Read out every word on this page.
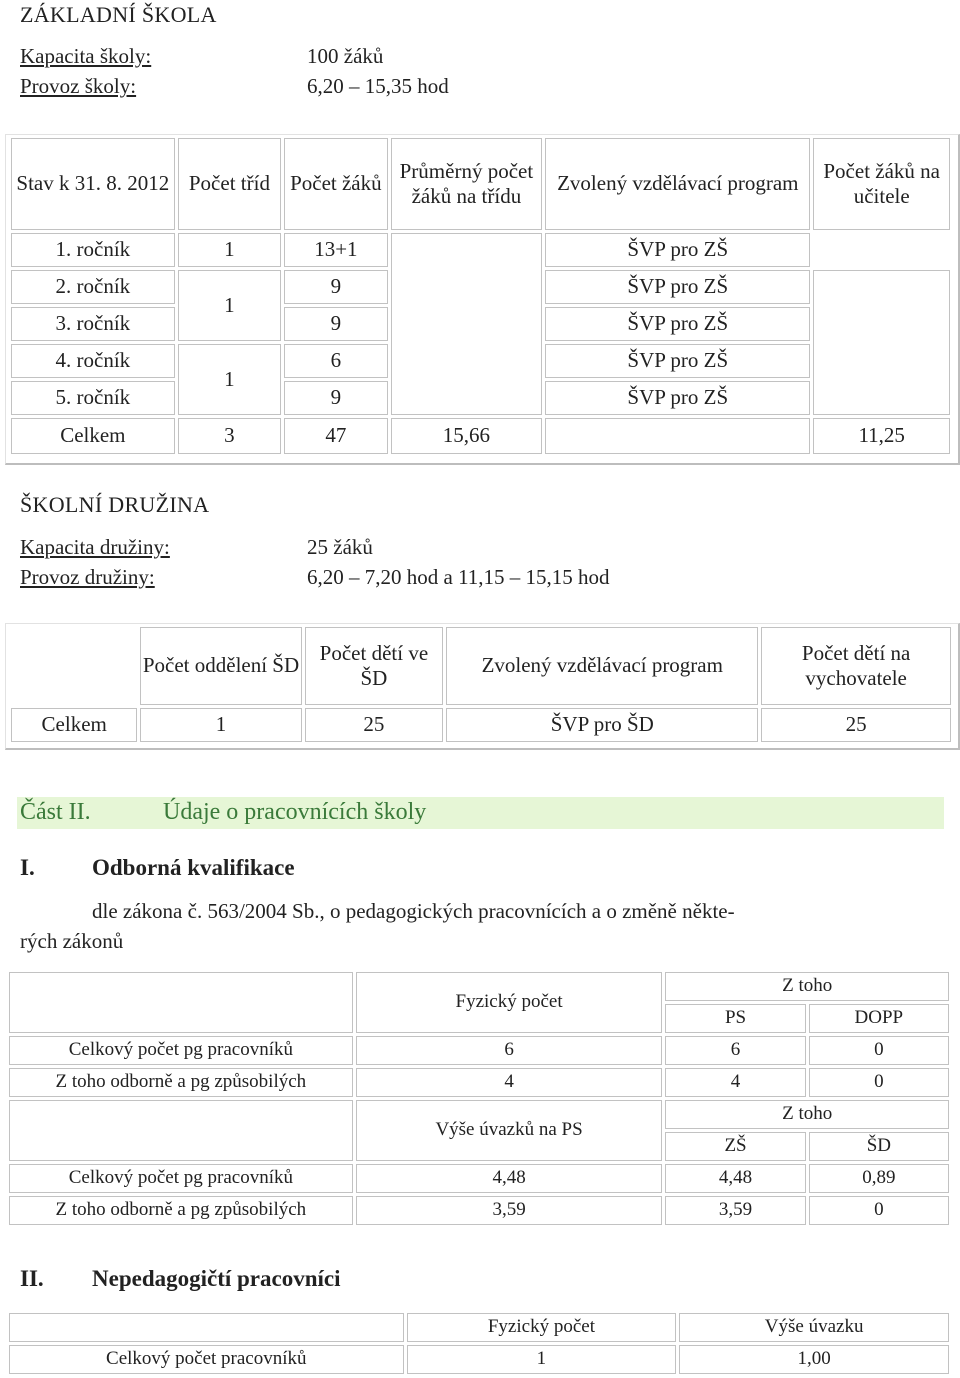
ZÁKLADNÍ ŠKOLA
Kapacita školy:	100 žáků
Provoz školy:	6,20 – 15,35 hod
Stav k 31. 8. 2012	Počet tříd	Počet žáků	Průměrný počet žáků na třídu	Zvolený vzdělávací program	Počet žáků na učitele
1. ročník	1	13+1		ŠVP pro ZŠ	
2. ročník	1	9		ŠVP pro ZŠ	
3. ročník		9		ŠVP pro ZŠ	
4. ročník	1	6		ŠVP pro ZŠ	
5. ročník		9		ŠVP pro ZŠ	
Celkem	3	47	15,66		11,25
ŠKOLNÍ DRUŽINA
Kapacita družiny:	25 žáků
Provoz družiny:	6,20 – 7,20 hod a 11,15 – 15,15 hod
	Počet oddělení ŠD	Počet dětí ve ŠD	Zvolený vzdělávací program	Počet dětí na vychovatele
Celkem	1	25	ŠVP pro ŠD	25
Část II.	Údaje o pracovnících školy
I. Odborná kvalifikace
dle zákona č. 563/2004 Sb., o pedagogických pracovnících a o změně někte-
rých zákonů
	Fyzický počet	Z toho	
		PS	DOPP
Celkový počet pg pracovníků	6	6	0
Z toho odborně a pg způsobilých	4	4	0
	Výše úvazků na PS	Z toho	
		ZŠ	ŠD
Celkový počet pg pracovníků	4,48	4,48	0,89
Z toho odborně a pg způsobilých	3,59	3,59	0
II. Nepedagogičtí pracovníci
	Fyzický počet	Výše úvazku
Celkový počet pracovníků	1	1,00
